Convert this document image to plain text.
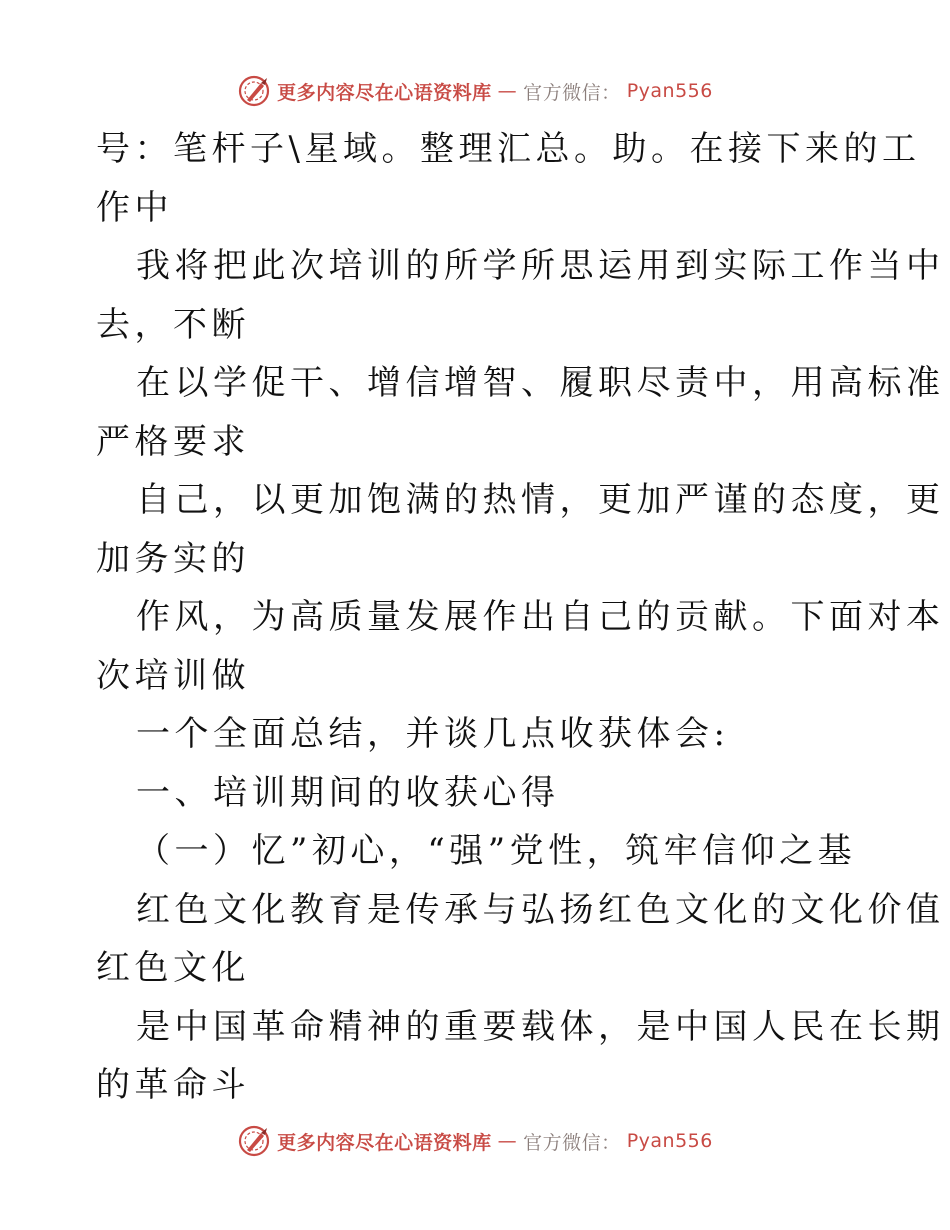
更多内容尽在心语资料库 — 官方微信： Pyan556
号：笔杆子\星域。整理汇总。助。在接下来的工
作中
我将把此次培训的所学所思运用到实际工作当中
去，不断
在以学促干、增信增智、履职尽责中，用高标准
严格要求
自己，以更加饱满的热情，更加严谨的态度，更
加务实的
作风，为高质量发展作出自己的贡献。下面对本
次培训做
一个全面总结，并谈几点收获体会:
一、培训期间的收获心得
（一）忆”初心，“强”党性，筑牢信仰之基
红色文化教育是传承与弘扬红色文化的文化价值
红色文化
是中国革命精神的重要载体，是中国人民在长期
的革命斗
更多内容尽在心语资料库 — 官方微信： Pyan556
